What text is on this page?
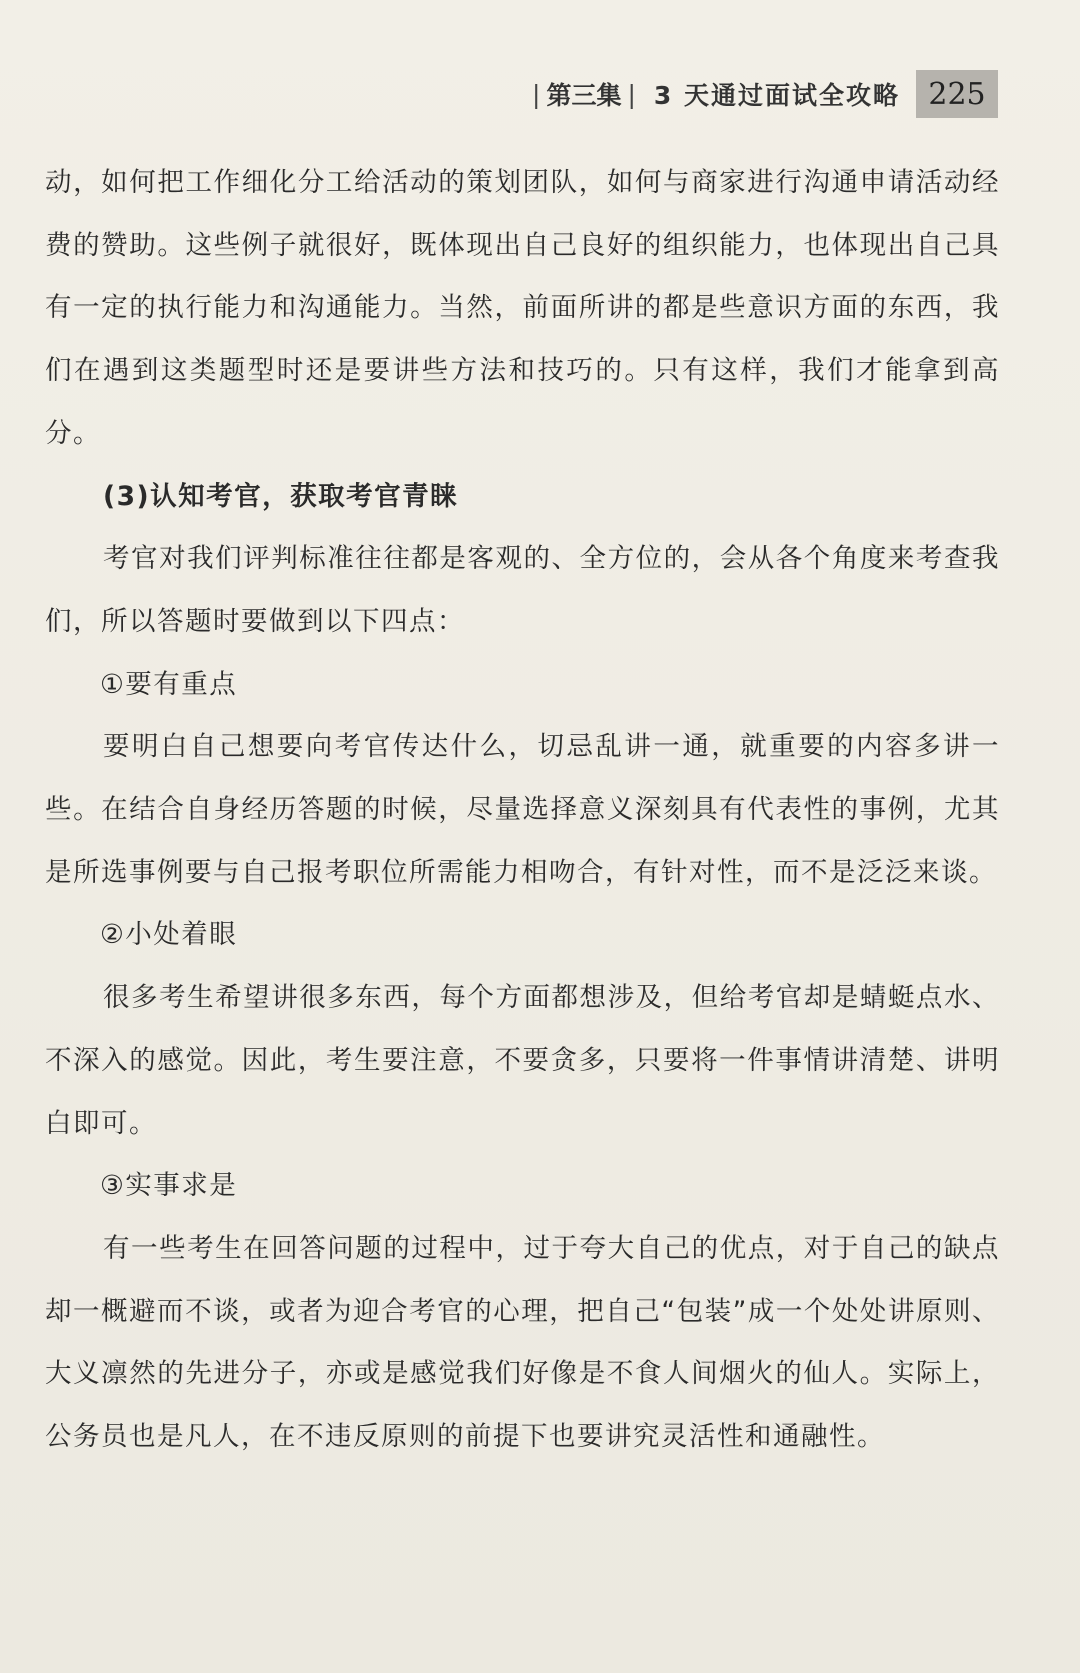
| 第三集 | 3 天通过面试全攻略 225

动，如何把工作细化分工给活动的策划团队，如何与商家进行沟通申请活动经费的赞助。这些例子就很好，既体现出自己良好的组织能力，也体现出自己具有一定的执行能力和沟通能力。当然，前面所讲的都是些意识方面的东西，我们在遇到这类题型时还是要讲些方法和技巧的。只有这样，我们才能拿到高分。

(3)认知考官，获取考官青睐

考官对我们评判标准往往都是客观的、全方位的，会从各个角度来考查我们，所以答题时要做到以下四点：

①要有重点

要明白自己想要向考官传达什么，切忌乱讲一通，就重要的内容多讲一些。在结合自身经历答题的时候，尽量选择意义深刻具有代表性的事例，尤其是所选事例要与自己报考职位所需能力相吻合，有针对性，而不是泛泛来谈。

②小处着眼

很多考生希望讲很多东西，每个方面都想涉及，但给考官却是蜻蜓点水、不深入的感觉。因此，考生要注意，不要贪多，只要将一件事情讲清楚、讲明白即可。

③实事求是

有一些考生在回答问题的过程中，过于夸大自己的优点，对于自己的缺点却一概避而不谈，或者为迎合考官的心理，把自己“包装”成一个处处讲原则、大义凛然的先进分子，亦或是感觉我们好像是不食人间烟火的仙人。实际上，公务员也是凡人，在不违反原则的前提下也要讲究灵活性和通融性。
